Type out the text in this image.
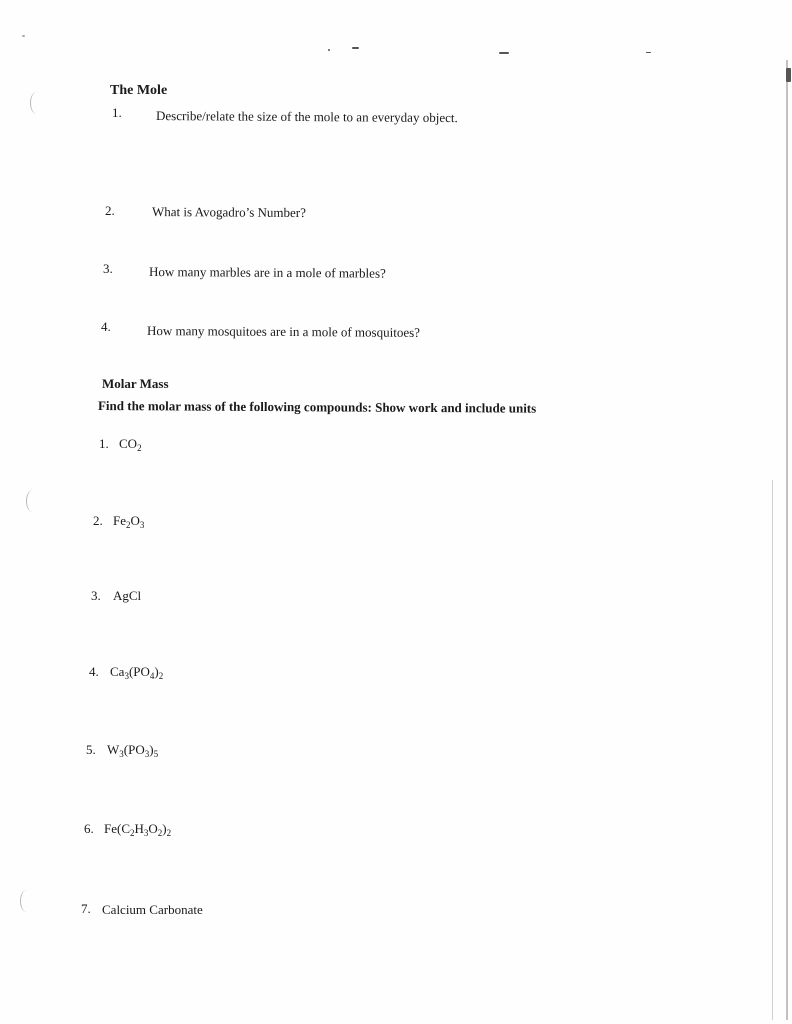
The Mole
1.	Describe/relate the size of the mole to an everyday object.
2.	What is Avogadro’s Number?
3.	How many marbles are in a mole of marbles?
4.	How many mosquitoes are in a mole of mosquitoes?
Molar Mass
Find the molar mass of the following compounds: Show work and include units
1. $CO_2$
2. $Fe_2O_3$
3. AgCl
4. $Ca_3(PO_4)_2$
5. $W_3(PO_3)_5$
6. $Fe(C_2H_3O_2)_2$
7. Calcium Carbonate
